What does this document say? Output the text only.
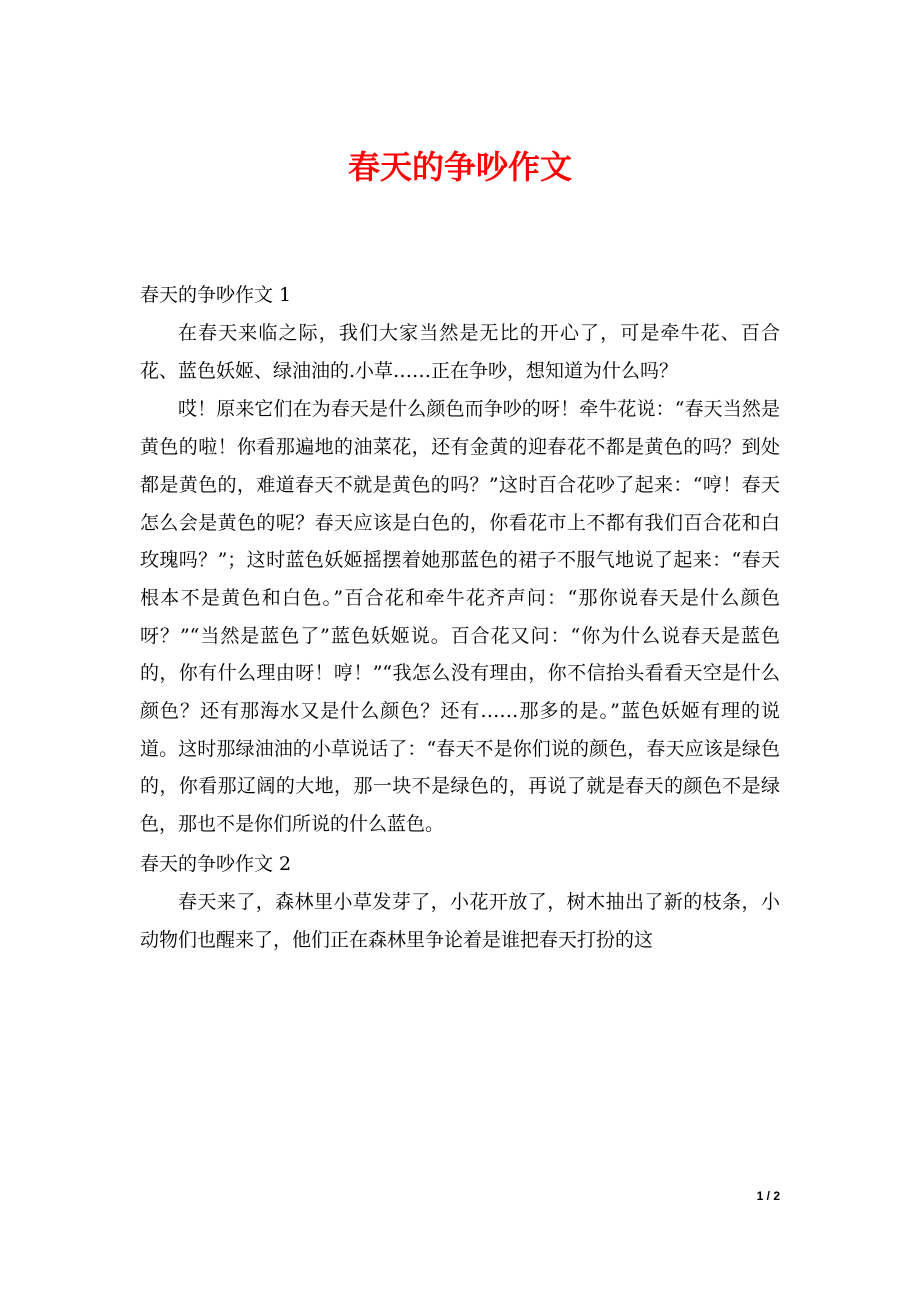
春天的争吵作文
春天的争吵作文 1

在春天来临之际，我们大家当然是无比的开心了，可是牵牛花、百合花、蓝色妖姬、绿油油的.小草……正在争吵，想知道为什么吗？

哎！原来它们在为春天是什么颜色而争吵的呀！牵牛花说：“春天当然是黄色的啦！你看那遍地的油菜花，还有金黄的迎春花不都是黄色的吗？到处都是黄色的，难道春天不就是黄色的吗？”这时百合花吵了起来：“哼！春天怎么会是黄色的呢？春天应该是白色的，你看花市上不都有我们百合花和白玫瑰吗？”；这时蓝色妖姬摇摆着她那蓝色的裙子不服气地说了起来：“春天根本不是黄色和白色。”百合花和牵牛花齐声问：“那你说春天是什么颜色呀？”“当然是蓝色了”蓝色妖姬说。百合花又问：“你为什么说春天是蓝色的，你有什么理由呀！哼！”“我怎么没有理由，你不信抬头看看天空是什么颜色？还有那海水又是什么颜色？还有……那多的是。”蓝色妖姬有理的说道。这时那绿油油的小草说话了：“春天不是你们说的颜色，春天应该是绿色的，你看那辽阔的大地，那一块不是绿色的，再说了就是春天的颜色不是绿色，那也不是你们所说的什么蓝色。

春天的争吵作文 2

春天来了，森林里小草发芽了，小花开放了，树木抽出了新的枝条，小动物们也醒来了，他们正在森林里争论着是谁把春天打扮的这

1 / 2
